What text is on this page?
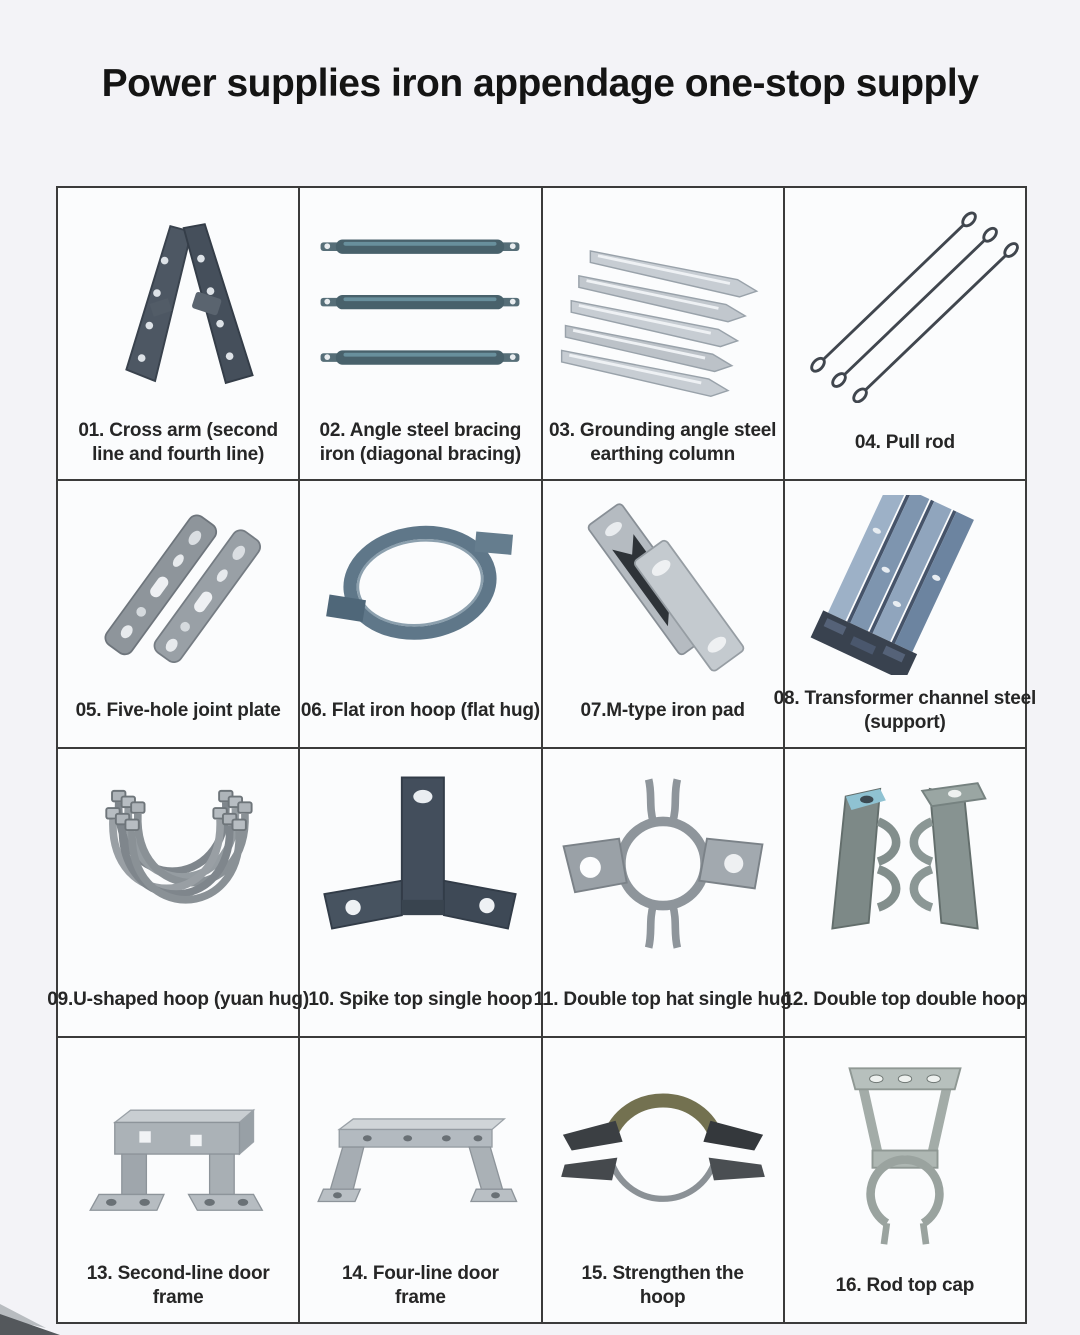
Power supplies iron appendage one-stop supply
01. Cross arm (second
line and fourth line)
02. Angle steel bracing
iron (diagonal bracing)
03. Grounding angle steel
earthing column
04. Pull rod
05. Five-hole joint plate 06. Flat iron hoop (flat hug) 07.M-type iron pad
08. Transformer channel steel
(support)
09.U-shaped hoop (yuan hug) 10. Spike top single hoop 11. Double top hat single hug
12. Double top double hoop
13. Second-line door
frame
14. Four-line door
frame
15. Strengthen the
hoop
16. Rod top cap
